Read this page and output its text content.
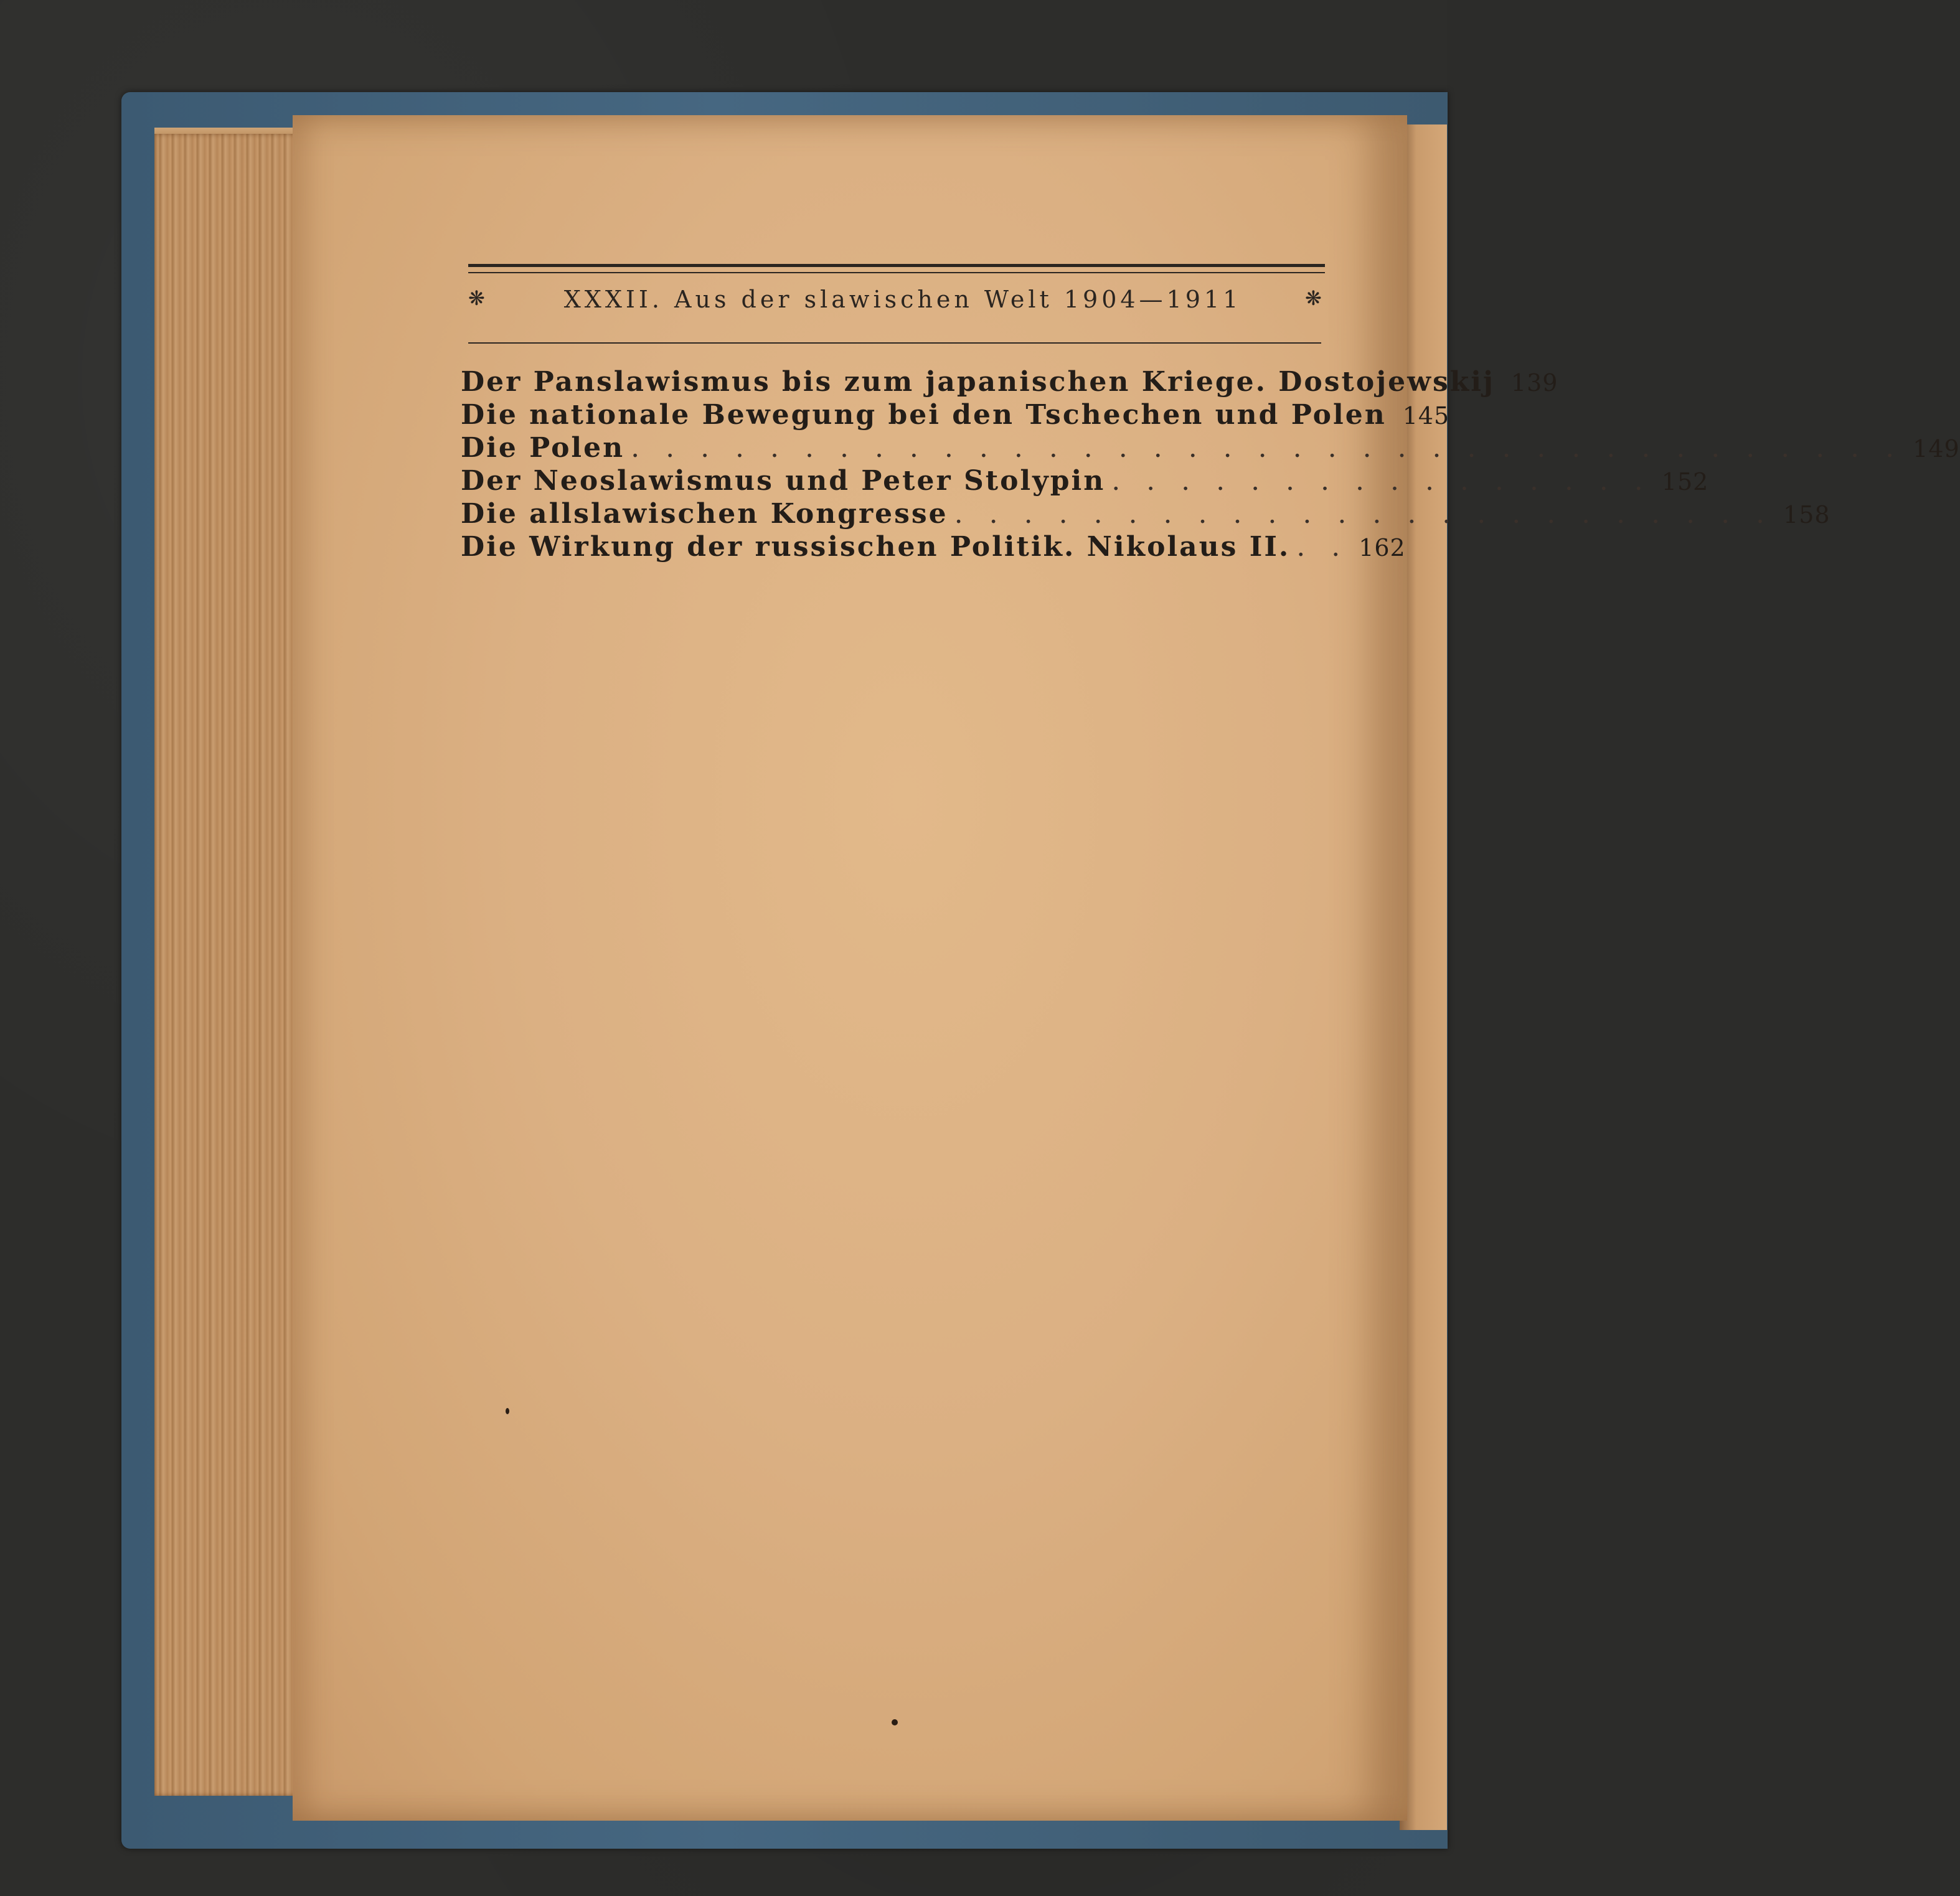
❋	XXXII. Aus der slawischen Welt 1904—1911	❋
Der Panslawismus bis zum japanischen Kriege. Dostojewskij 139
Die nationale Bewegung bei den Tschechen und Polen 145
Die Polen . . . . . . . . . . . . . . . . . . . . . . . . . . . . . . . . . . . . . 149
Der Neoslawismus und Peter Stolypin . . . . . . . . . . . . . . . . 152
Die allslawischen Kongresse . . . . . . . . . . . . . . . . . . . . . . . . 158
Die Wirkung der russischen Politik. Nikolaus II. . . 162
